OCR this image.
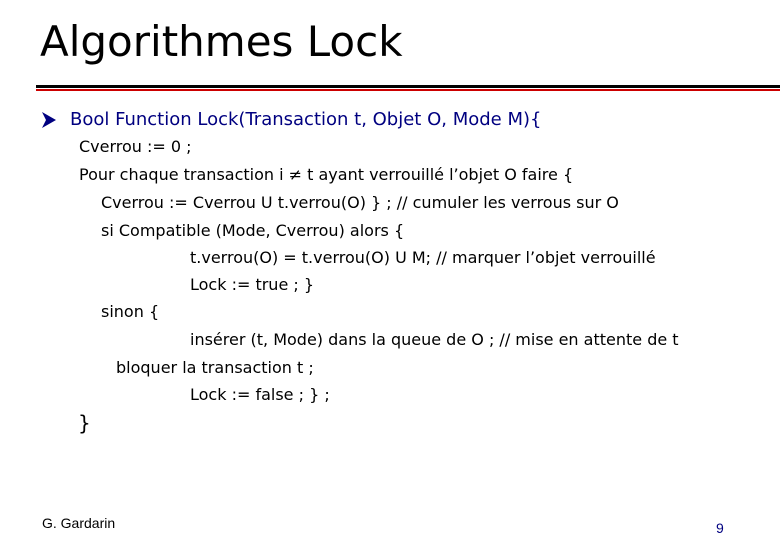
Algorithmes Lock
Bool Function Lock(Transaction t, Objet O, Mode M){
Cverrou := 0 ;
Pour chaque transaction i ≠ t ayant verrouillé l’objet O faire {
Cverrou := Cverrou U t.verrou(O) } ; // cumuler les verrous sur O
si Compatible (Mode, Cverrou) alors {
t.verrou(O) = t.verrou(O) U M; // marquer l’objet verrouillé
Lock := true ; }
sinon {
insérer (t, Mode) dans la queue de O ; // mise en attente de t
bloquer la transaction t ;
Lock := false ; } ;
}
G. Gardarin	9
